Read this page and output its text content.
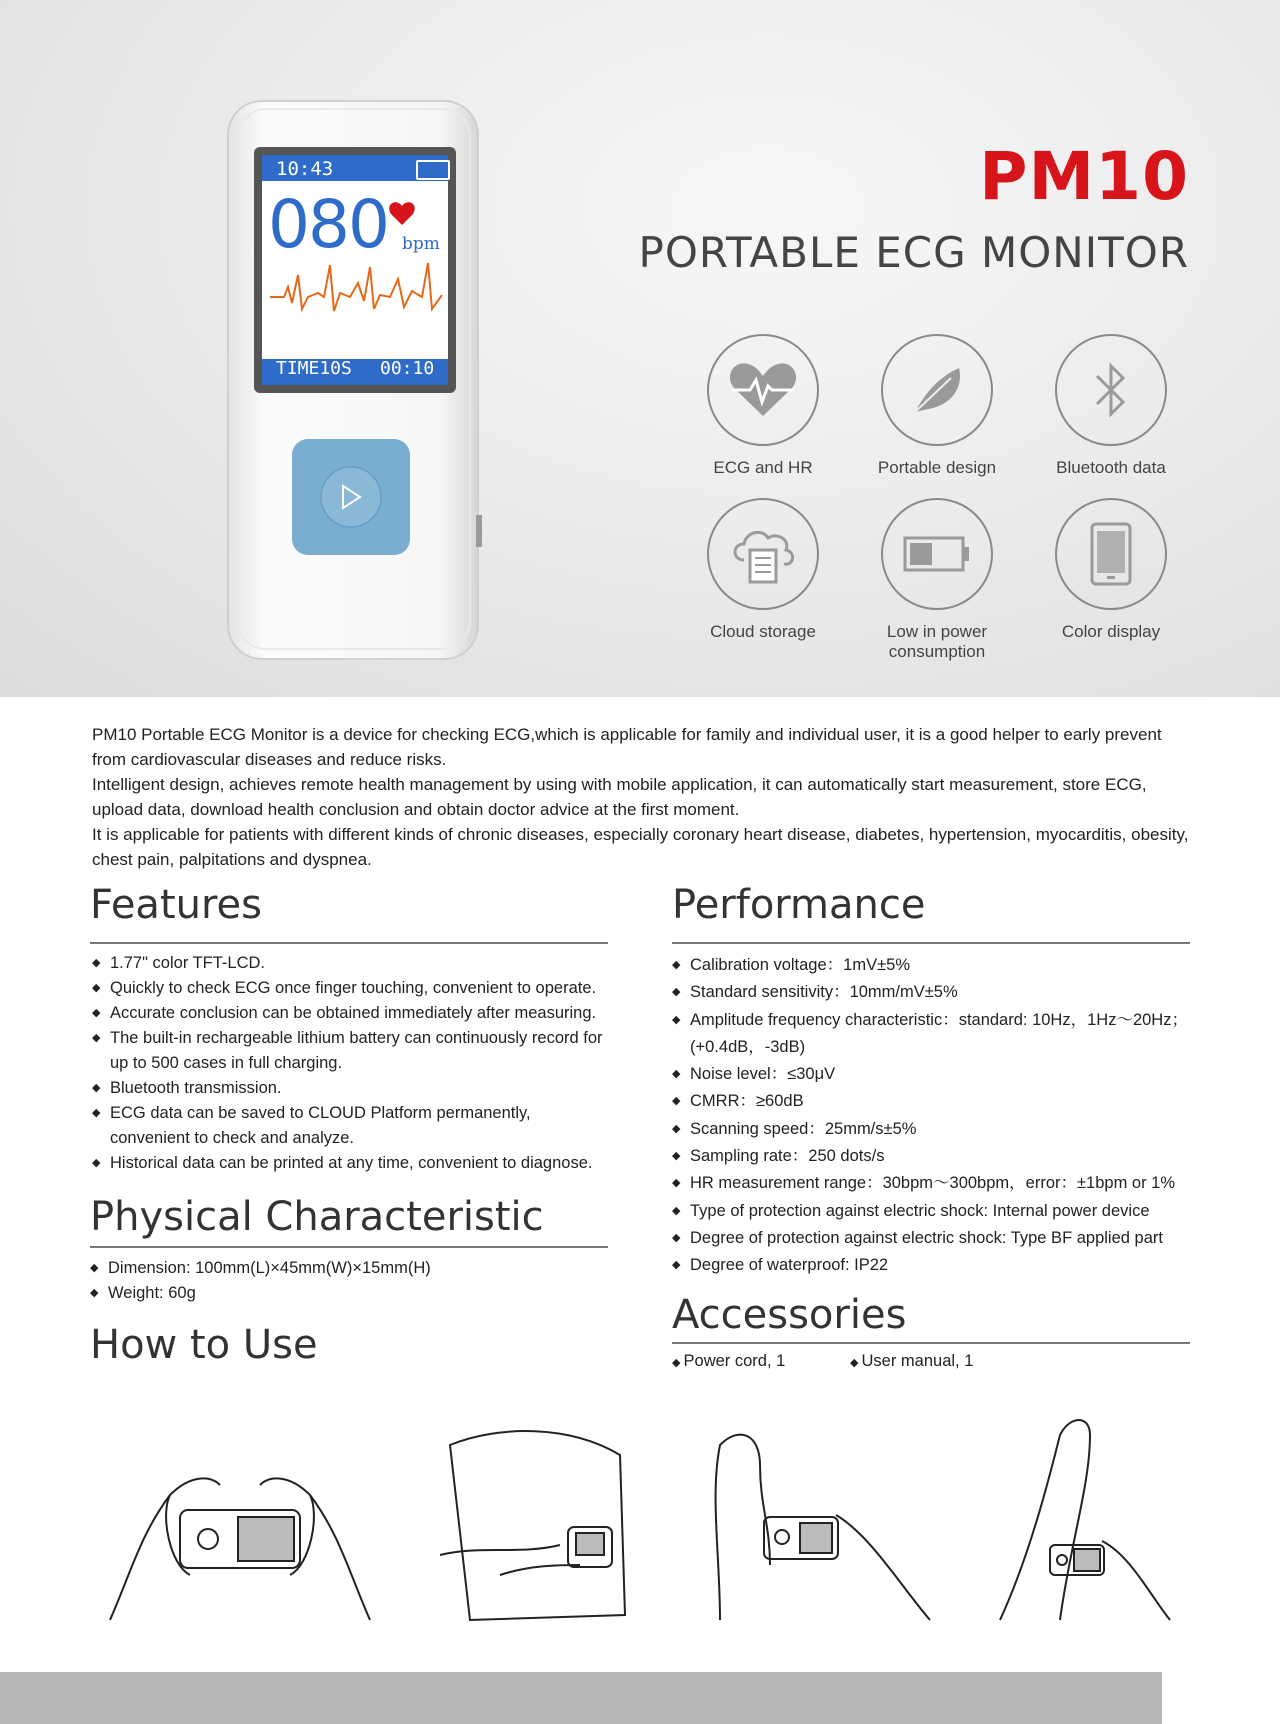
10:43
080 bpm
TIME10S 00:10
PM10
PORTABLE ECG MONITOR
ECG and HR	Portable design	Bluetooth data
Cloud storage	Low in power
consumption
Color display

PM10 Portable ECG Monitor is a device for checking ECG,which is applicable for family and individual user, it is a good helper to early prevent from cardiovascular diseases and reduce risks.

Intelligent design, achieves remote health management by using with mobile application, it can automatically start measurement, store ECG, upload data, download health conclusion and obtain doctor advice at the first moment.

It is applicable for patients with different kinds of chronic diseases, especially coronary heart disease, diabetes, hypertension, myocarditis, obesity, chest pain, palpitations and dyspnea.

Features
◆ 1.77" color TFT-LCD.
◆ Quickly to check ECG once finger touching, convenient to operate.
◆ Accurate conclusion can be obtained immediately after measuring.
◆ The built-in rechargeable lithium battery can continuously record for up to 500 cases in full charging.
◆ Bluetooth transmission.
◆ ECG data can be saved to CLOUD Platform permanently, convenient to check and analyze.
◆ Historical data can be printed at any time, convenient to diagnose.
Physical Characteristic
◆ Dimension: 100mm(L)×45mm(W)×15mm(H)
◆ Weight: 60g
How to Use
Performance
◆ Calibration voltage：1mV±5%
◆ Standard sensitivity：10mm/mV±5%
◆ Amplitude frequency characteristic：standard: 10Hz，1Hz～20Hz；(+0.4dB，-3dB)
◆ Noise level：≤30μV
◆ CMRR：≥60dB
◆ Scanning speed：25mm/s±5%
◆ Sampling rate：250 dots/s
◆ HR measurement range：30bpm～300bpm，error：±1bpm or 1%
◆ Type of protection against electric shock: Internal power device
◆ Degree of protection against electric shock: Type BF applied part
◆ Degree of waterproof: IP22
Accessories
◆ Power cord, 1
◆	User manual, 1
